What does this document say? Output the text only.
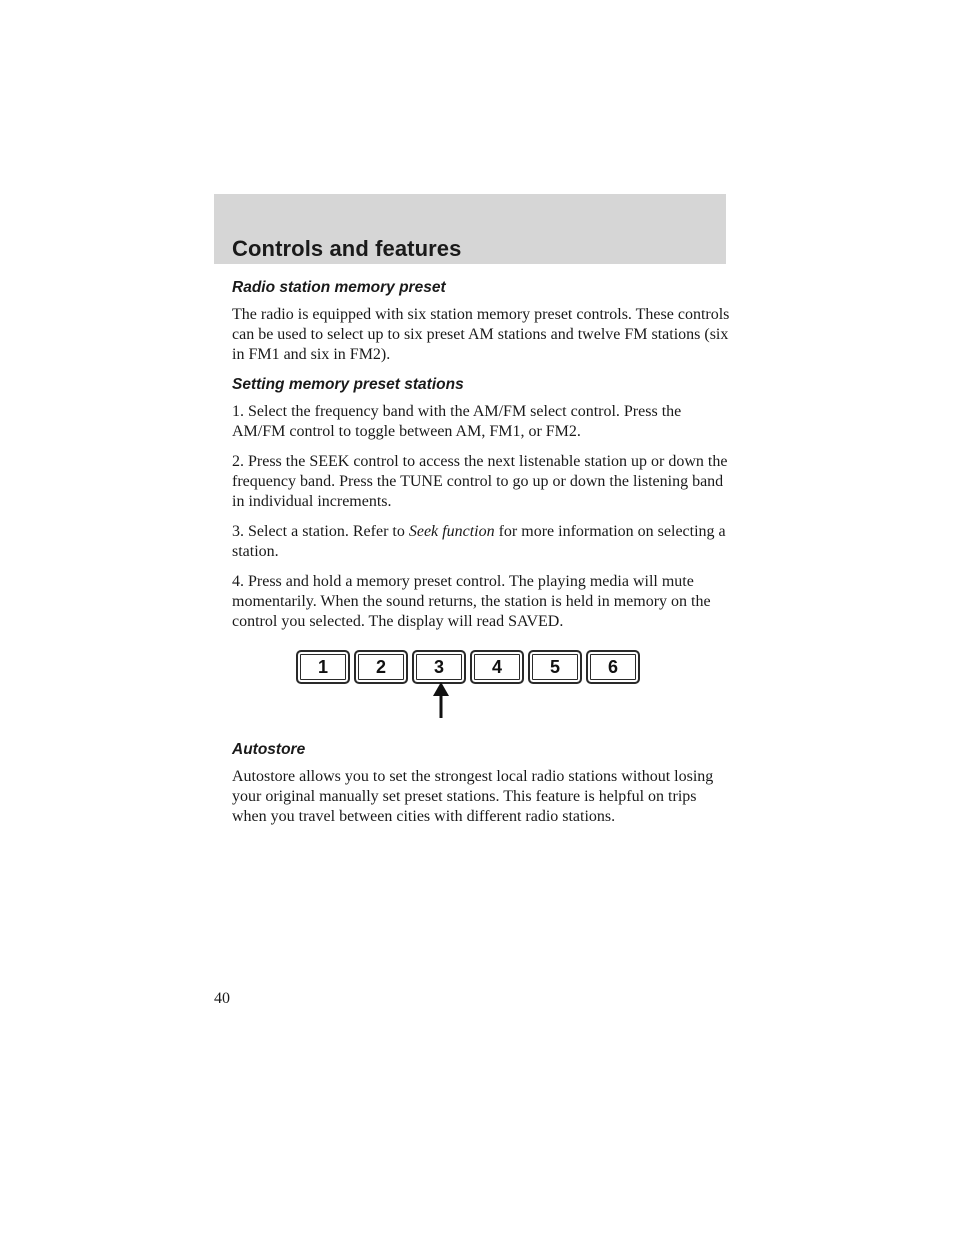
Controls and features
Radio station memory preset

The radio is equipped with six station memory preset controls. These controls can be used to select up to six preset AM stations and twelve FM stations (six in FM1 and six in FM2).

Setting memory preset stations

1. Select the frequency band with the AM/FM select control. Press the AM/FM control to toggle between AM, FM1, or FM2.

2. Press the SEEK control to access the next listenable station up or down the frequency band. Press the TUNE control to go up or down the listening band in individual increments.

3. Select a station. Refer to Seek function for more information on selecting a station.

4. Press and hold a memory preset control. The playing media will mute momentarily. When the sound returns, the station is held in memory on the control you selected. The display will read SAVED.

1	2	3	4	5	6
Autostore

Autostore allows you to set the strongest local radio stations without losing your original manually set preset stations. This feature is helpful on trips when you travel between cities with different radio stations.

40
